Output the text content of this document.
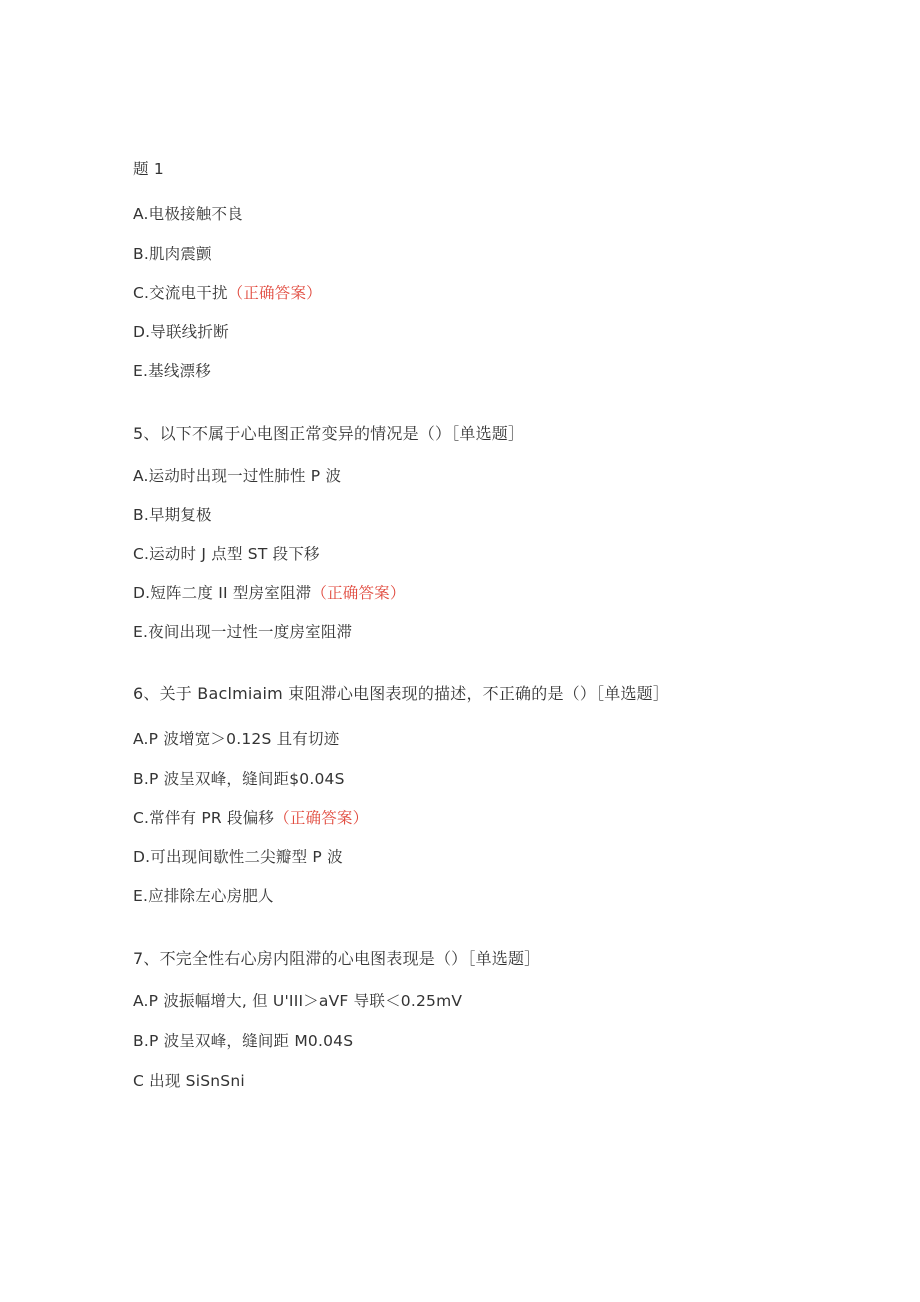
题 1
A.电极接触不良
B.肌肉震颤
C.交流电干扰（正确答案）
D.导联线折断
E.基线漂移
5、以下不属于心电图正常变异的情况是（）［单选题］
A.运动时出现一过性肺性 P 波
B.早期复极
C.运动时 J 点型 ST 段下移
D.短阵二度 II 型房室阻滞（正确答案）
E.夜间出现一过性一度房室阻滞
6、关于 Baclmiaim 束阻滞心电图表现的描述，不正确的是（）［单选题］
A.P 波增宽＞0.12S 且有切迹
B.P 波呈双峰，缝间距$0.04S
C.常伴有 PR 段偏移（正确答案）
D.可出现间歇性二尖瓣型 P 波
E.应排除左心房肥人
7、不完全性右心房内阻滞的心电图表现是（）［单选题］
A.P 波振幅增大, 但 U'III＞aVF 导联＜0.25mV
B.P 波呈双峰，缝间距 M0.04S
C 出现 SiSnSni
